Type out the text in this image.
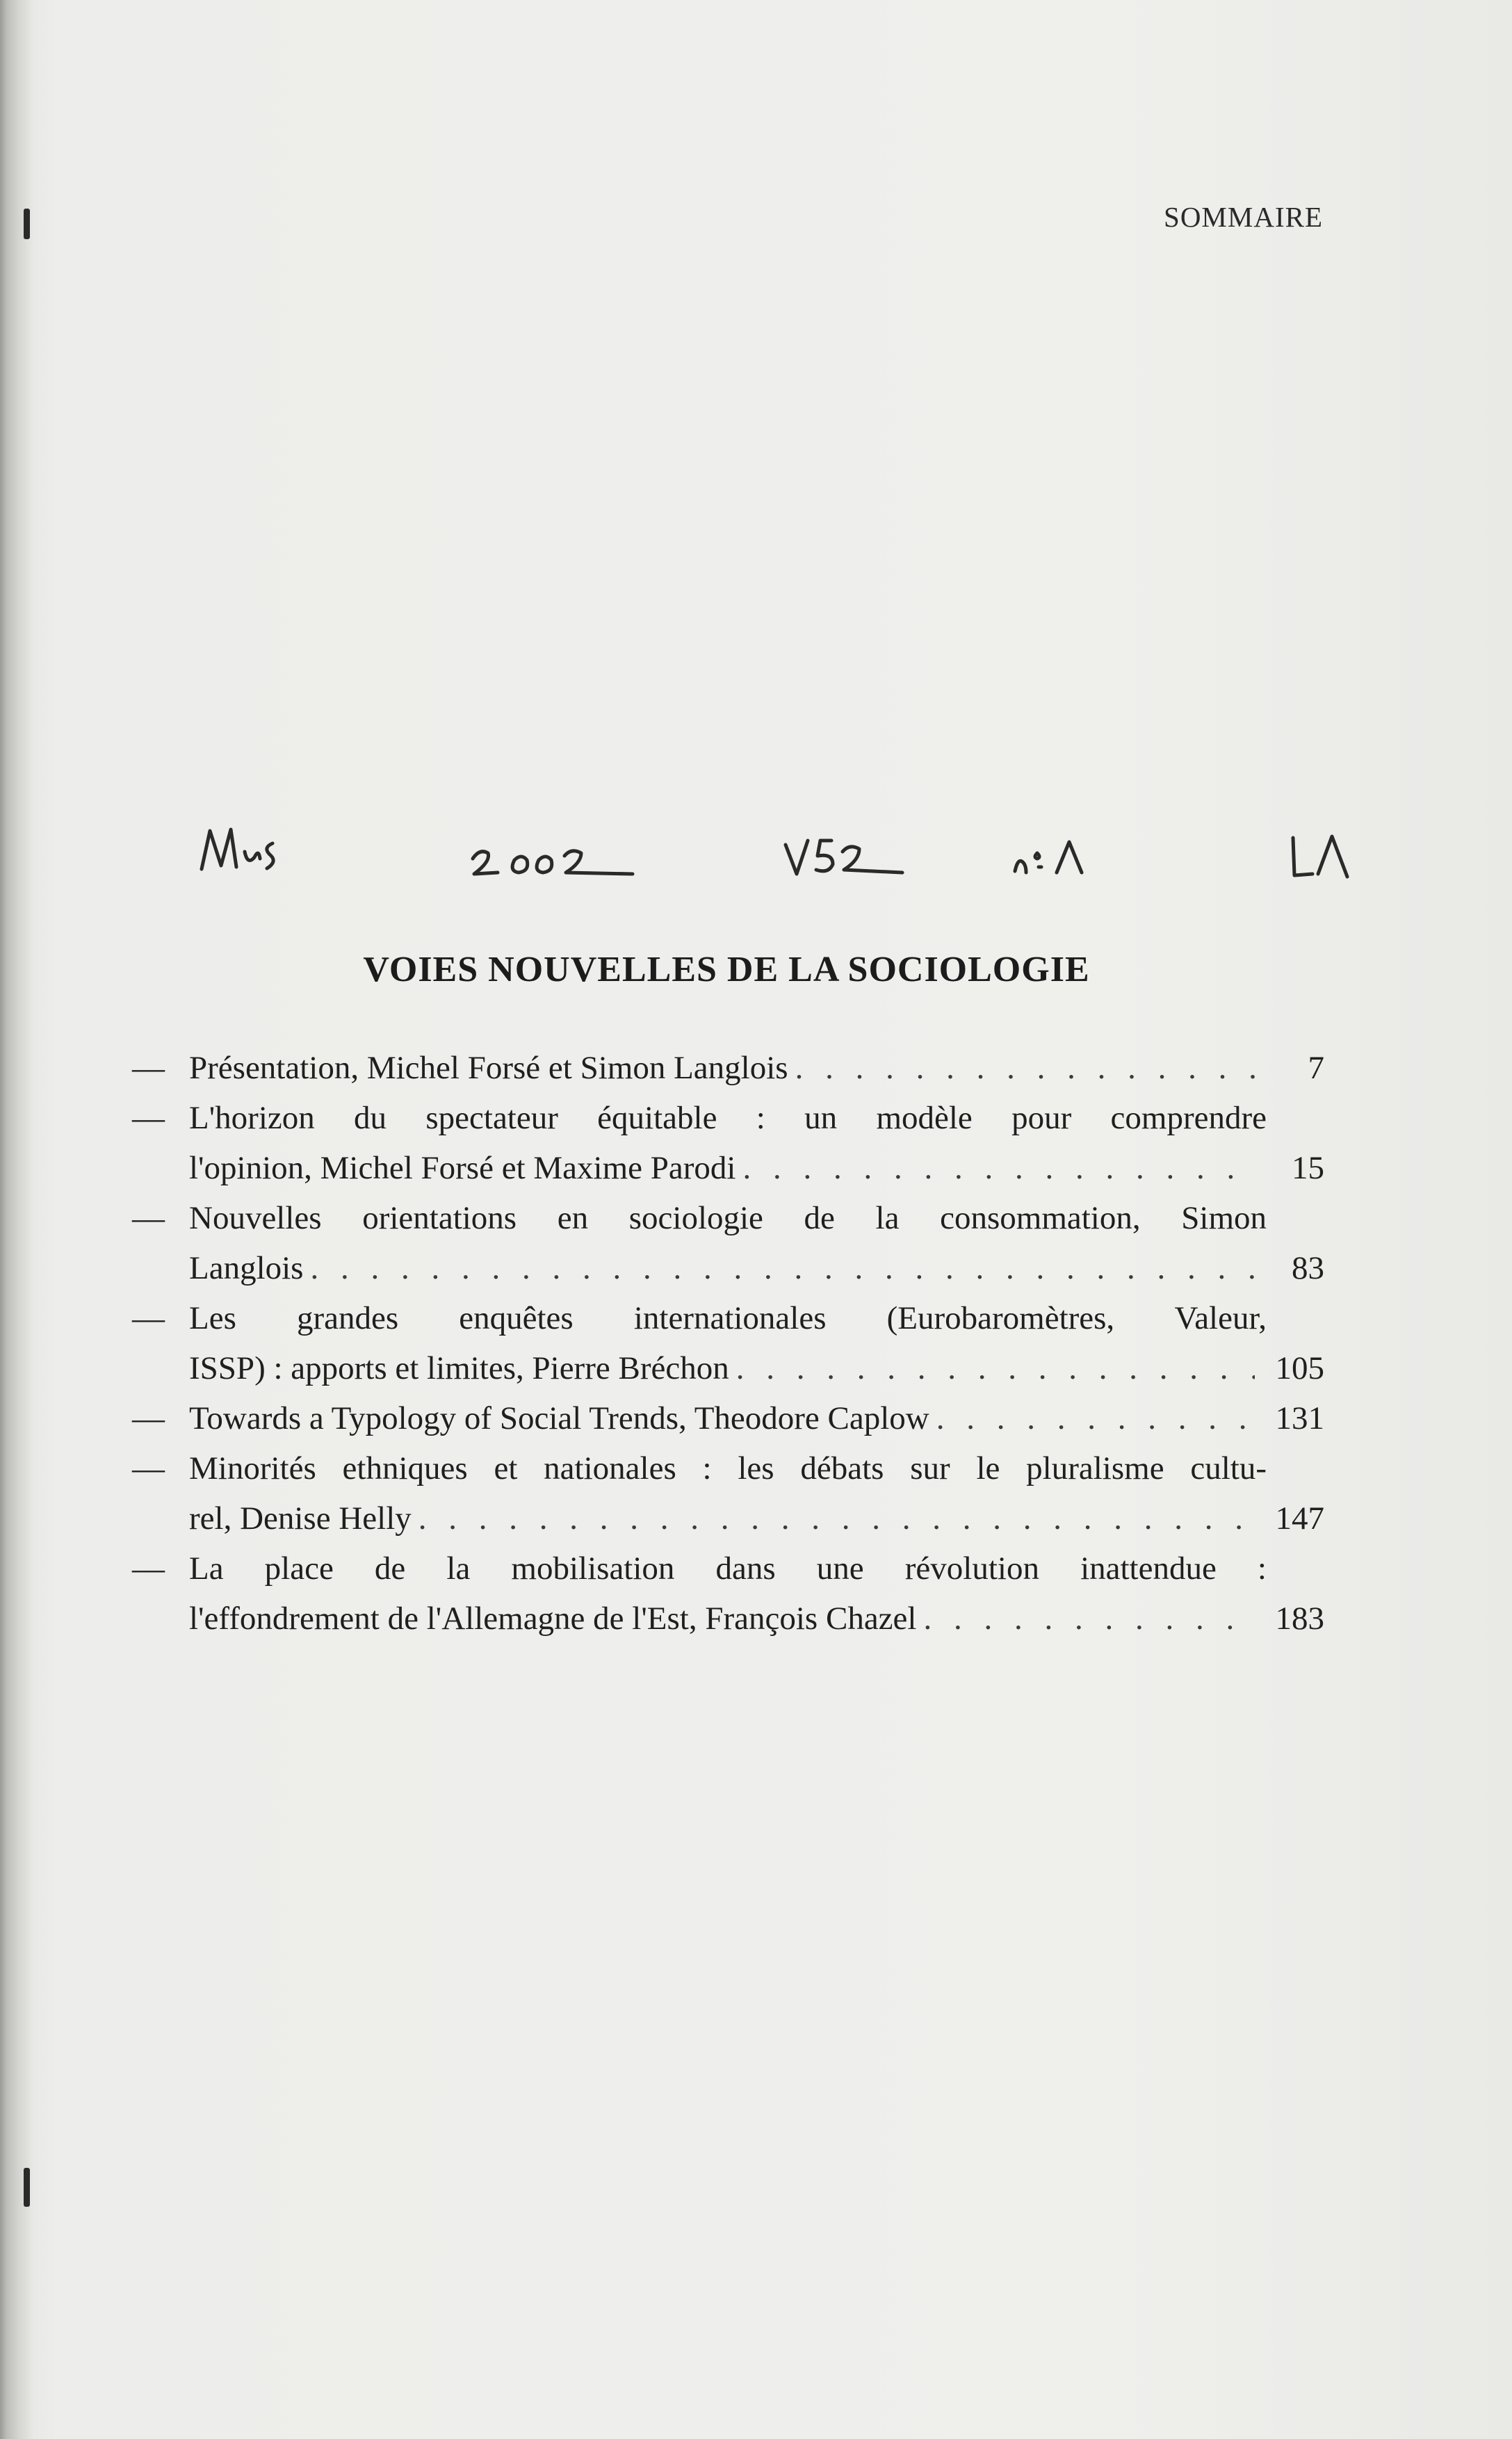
SOMMAIRE
VOIES NOUVELLES DE LA SOCIOLOGIE
— Présentation, Michel Forsé et Simon Langlois . . .	7
— L'horizon du spectateur équitable : un modèle pour comprendre
l'opinion, Michel Forsé et Maxime Parodi . . .	15
— Nouvelles orientations en sociologie de la consommation, Simon
Langlois . . .	83
— Les grandes enquêtes internationales (Eurobaromètres, Valeur,
ISSP) : apports et limites, Pierre Bréchon . . .	105
— Towards a Typology of Social Trends, Theodore Caplow . . .	131
— Minorités ethniques et nationales : les débats sur le pluralisme cultu-
rel, Denise Helly . . .	147
— La place de la mobilisation dans une révolution inattendue :
l'effondrement de l'Allemagne de l'Est, François Chazel . . .	183
